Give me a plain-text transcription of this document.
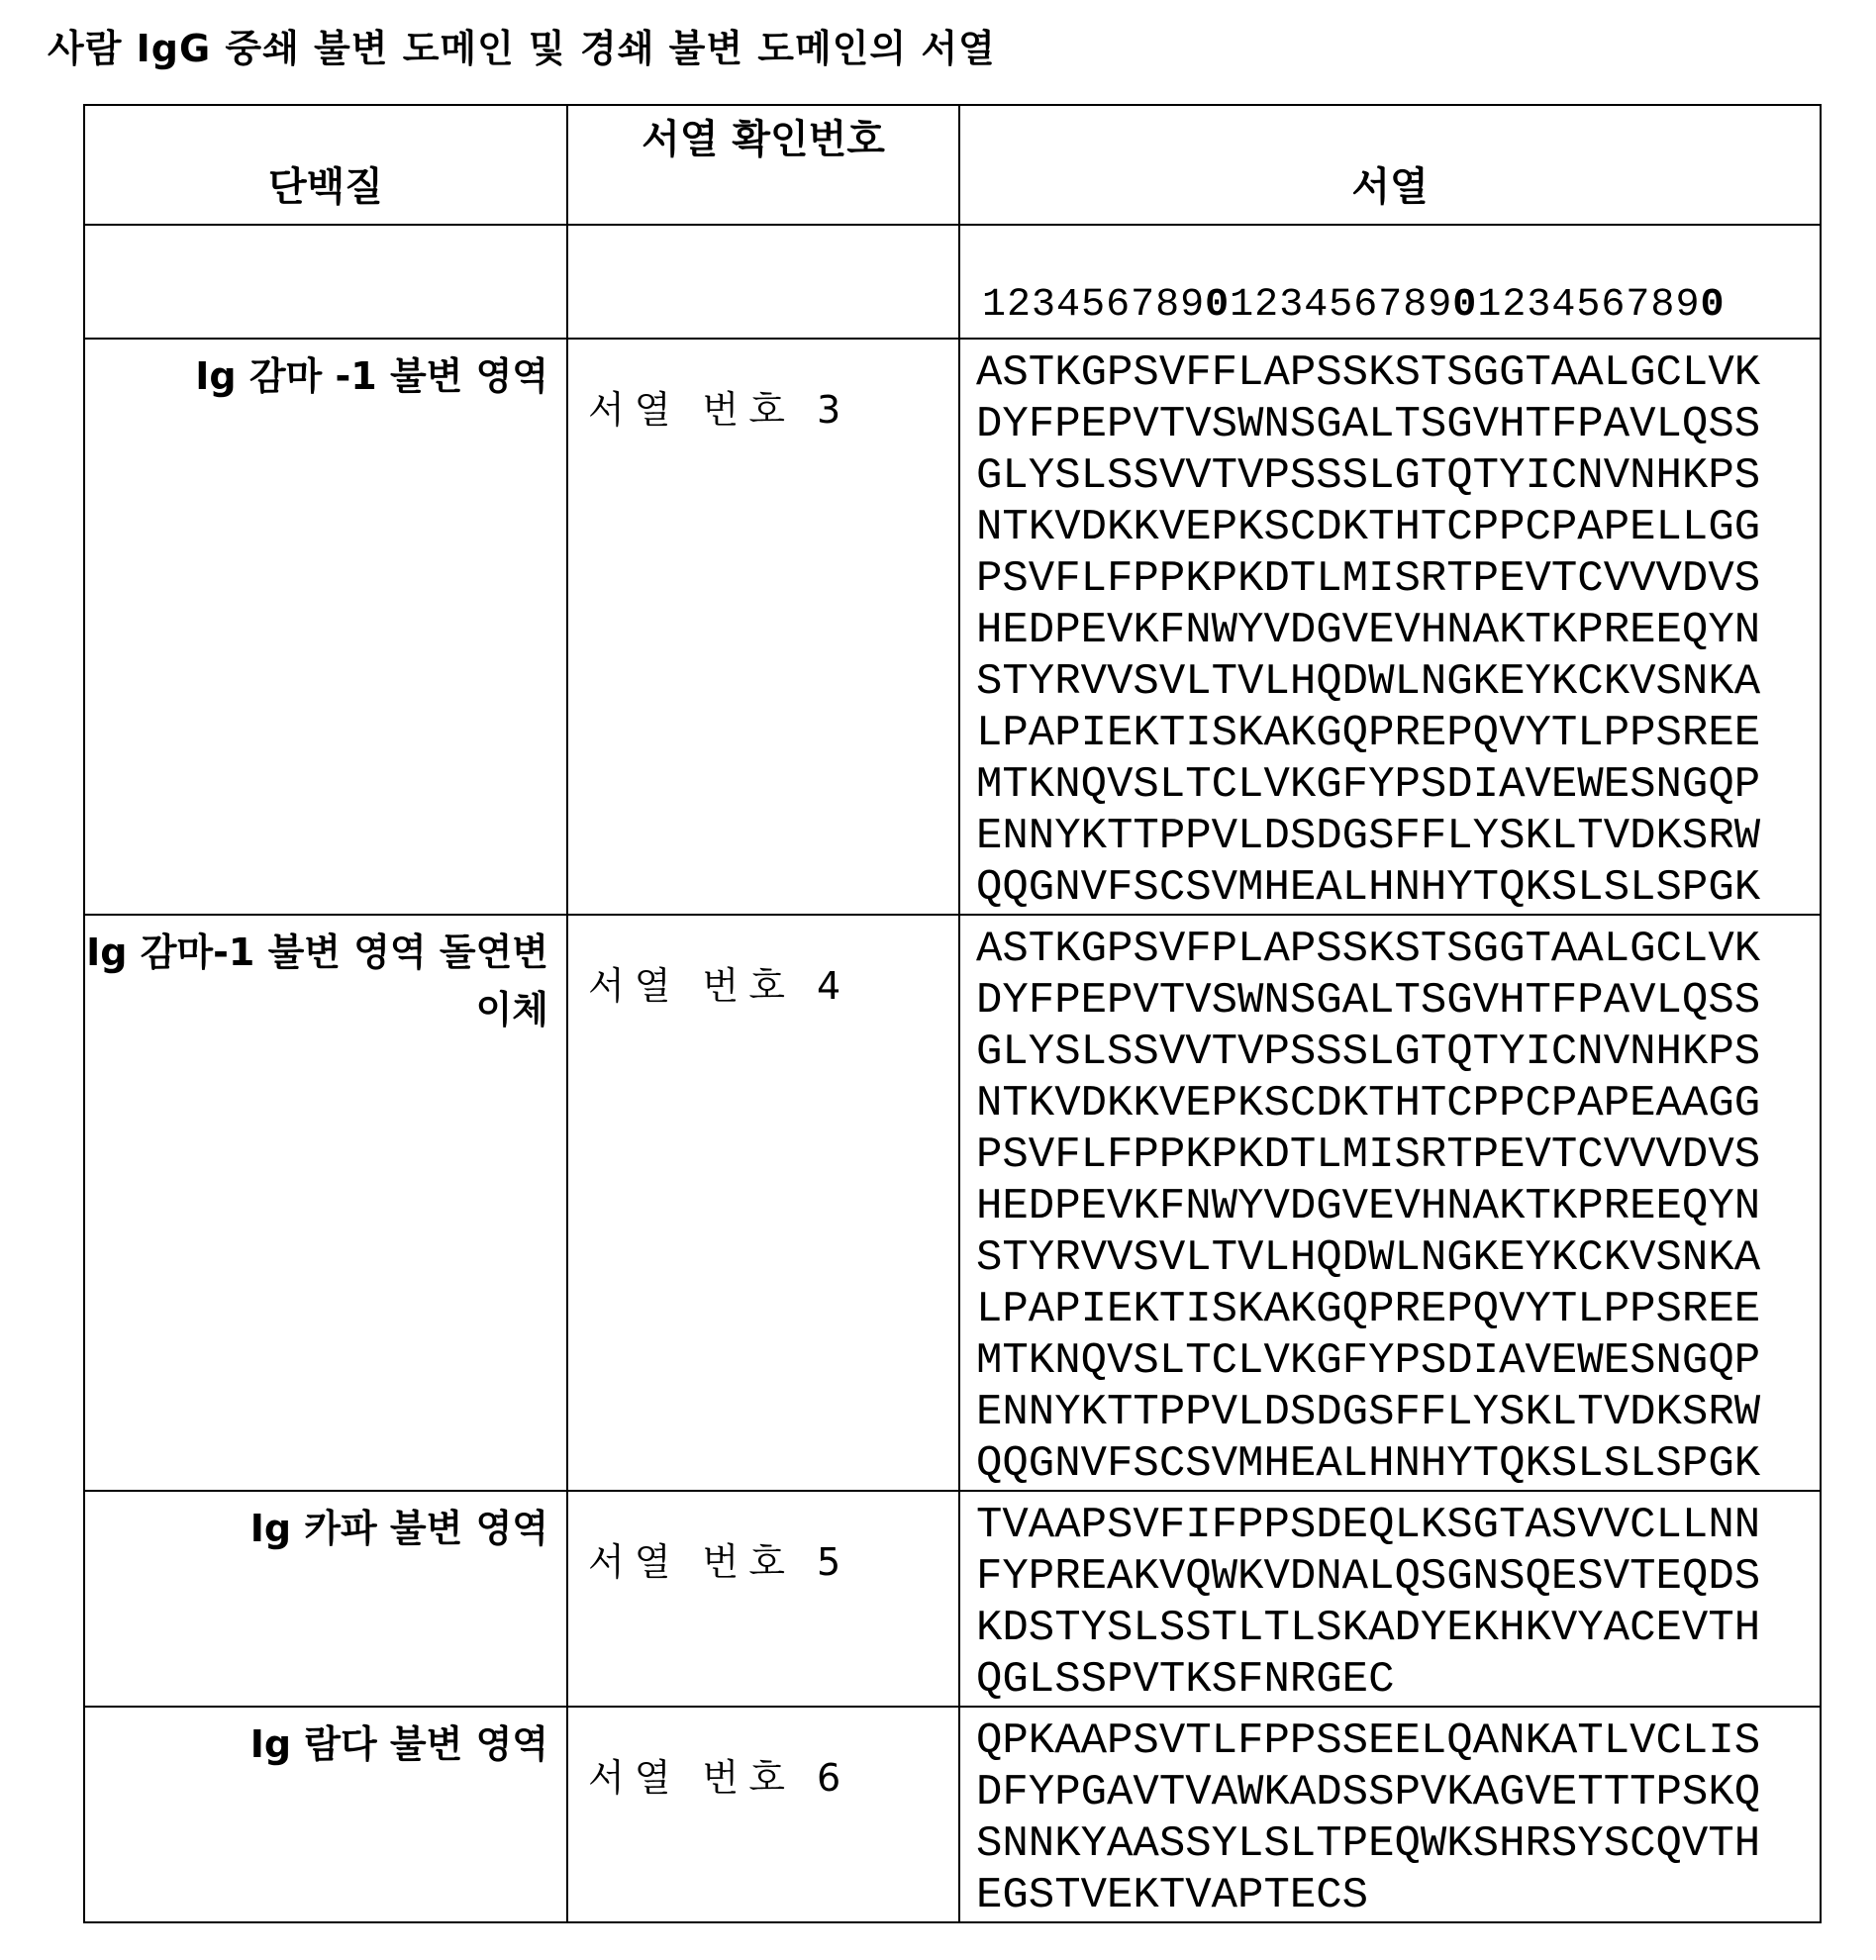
사람 IgG 중쇄 불변 도메인 및 경쇄 불변 도메인의 서열
단백질

서열 확인번호

서열

123456789012345678901234567890

Ig 감마 -1 불변 영역

서열 번호 3

ASTKGPSVFFLAPSSKSTSGGTAALGCLVK
DYFPEPVTVSWNSGALTSGVHTFPAVLQSS
GLYSLSSVVTVPSSSLGTQTYICNVNHKPS
NTKVDKKVEPKSCDKTHTCPPCPAPELLGG
PSVFLFPPKPKDTLMISRTPEVTCVVVDVS
HEDPEVKFNWYVDGVEVHNAKTKPREEQYN
STYRVVSVLTVLHQDWLNGKEYKCKVSNKA
LPAPIEKTISKAKGQPREPQVYTLPPSREE
MTKNQVSLTCLVKGFYPSDIAVEWESNGQP
ENNYKTTPPVLDSDGSFFLYSKLTVDKSRW
QQGNVFSCSVMHEALHNHYTQKSLSLSPGK

Ig 감마-1 불변 영역 돌연변이체

서열 번호 4

ASTKGPSVFPLAPSSKSTSGGTAALGCLVK
DYFPEPVTVSWNSGALTSGVHTFPAVLQSS
GLYSLSSVVTVPSSSLGTQTYICNVNHKPS
NTKVDKKVEPKSCDKTHTCPPCPAPEAAGG
PSVFLFPPKPKDTLMISRTPEVTCVVVDVS
HEDPEVKFNWYVDGVEVHNAKTKPREEQYN
STYRVVSVLTVLHQDWLNGKEYKCKVSNKA
LPAPIEKTISKAKGQPREPQVYTLPPSREE
MTKNQVSLTCLVKGFYPSDIAVEWESNGQP
ENNYKTTPPVLDSDGSFFLYSKLTVDKSRW
QQGNVFSCSVMHEALHNHYTQKSLSLSPGK

Ig 카파 불변 영역

서열 번호 5

TVAAPSVFIFPPSDEQLKSGTASVVCLLNN
FYPREAKVQWKVDNALQSGNSQESVTEQDS
KDSTYSLSSTLTLSKADYEKHKVYACEVTH
QGLSSPVTKSFNRGEC

Ig 람다 불변 영역

서열 번호 6

QPKAAPSVTLFPPSSEELQANKATLVCLIS
DFYPGAVTVAWKADSSPVKAGVETTTPSKQ
SNNKYAASSYLSLTPEQWKSHRSYSCQVTH
EGSTVEKTVAPTECS
